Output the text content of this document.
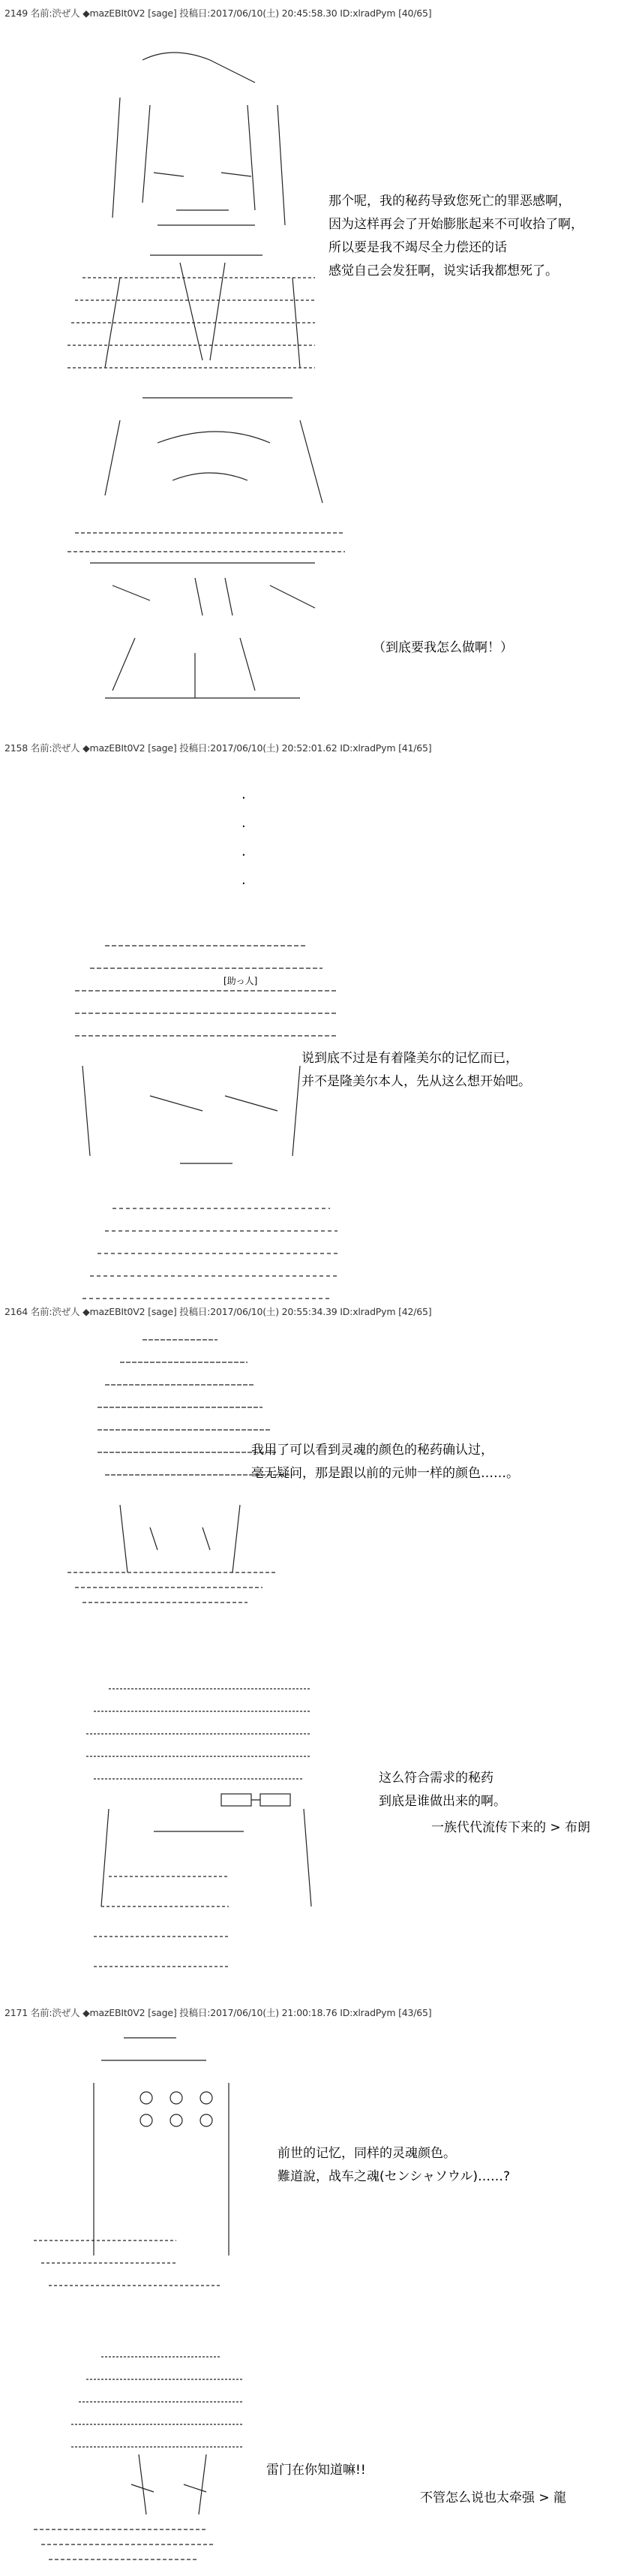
2149 名前:渋ぜ人 ◆mazEBIt0V2 [sage] 投稿日:2017/06/10(土) 20:45:58.30 ID:xlradPym [40/65]
那个呢，我的秘药导致您死亡的罪恶感啊，
因为这样再会了开始膨胀起来不可收拾了啊，
所以要是我不竭尽全力偿还的话
感觉自己会发狂啊，说实话我都想死了。
（到底要我怎么做啊！）
2158 名前:渋ぜ人 ◆mazEBIt0V2 [sage] 投稿日:2017/06/10(土) 20:52:01.62 ID:xlradPym [41/65]
·
·
·
·
[助っ人]
说到底不过是有着隆美尔的记忆而已，
并不是隆美尔本人，先从这么想开始吧。
2164 名前:渋ぜ人 ◆mazEBIt0V2 [sage] 投稿日:2017/06/10(土) 20:55:34.39 ID:xlradPym [42/65]
我用了可以看到灵魂的颜色的秘药确认过，
毫无疑问，那是跟以前的元帅一样的颜色……。
这么符合需求的秘药
到底是谁做出来的啊。
一族代代流传下来的 > 布朗
2171 名前:渋ぜ人 ◆mazEBIt0V2 [sage] 投稿日:2017/06/10(土) 21:00:18.76 ID:xlradPym [43/65]
前世的记忆，同样的灵魂颜色。
難道說，战车之魂(センシャソウル)……?
雷门在你知道嘛!!
不管怎么说也太牵强 > 龍
